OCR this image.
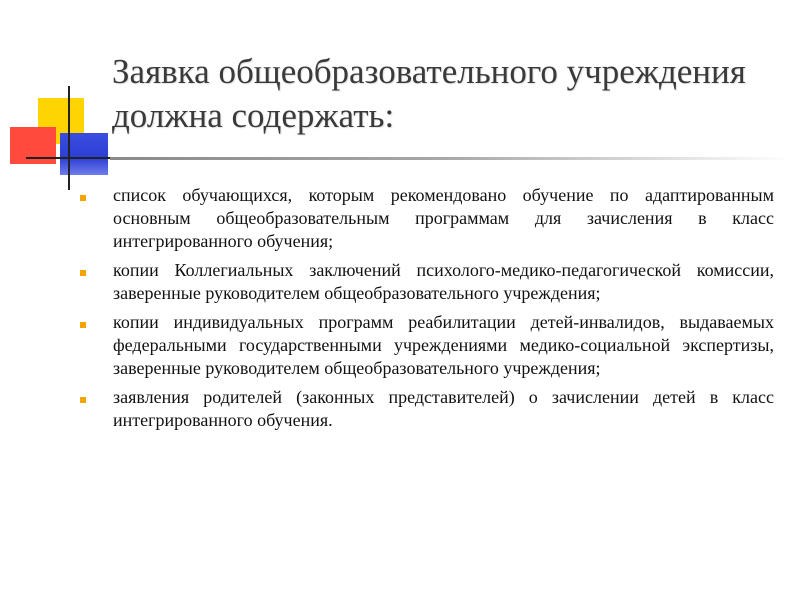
Заявка общеобразовательного учреждения должна содержать:
список обучающихся, которым рекомендовано обучение по адаптированным основным общеобразовательным программам для зачисления в класс интегрированного обучения;
копии Коллегиальных заключений психолого-медико-педагогической комиссии, заверенные руководителем общеобразовательного учреждения;
копии индивидуальных программ реабилитации детей-инвалидов, выдаваемых федеральными государственными учреждениями медико-социальной экспертизы, заверенные руководителем общеобразовательного учреждения;
заявления родителей (законных представителей) о зачислении детей в класс интегрированного обучения.
